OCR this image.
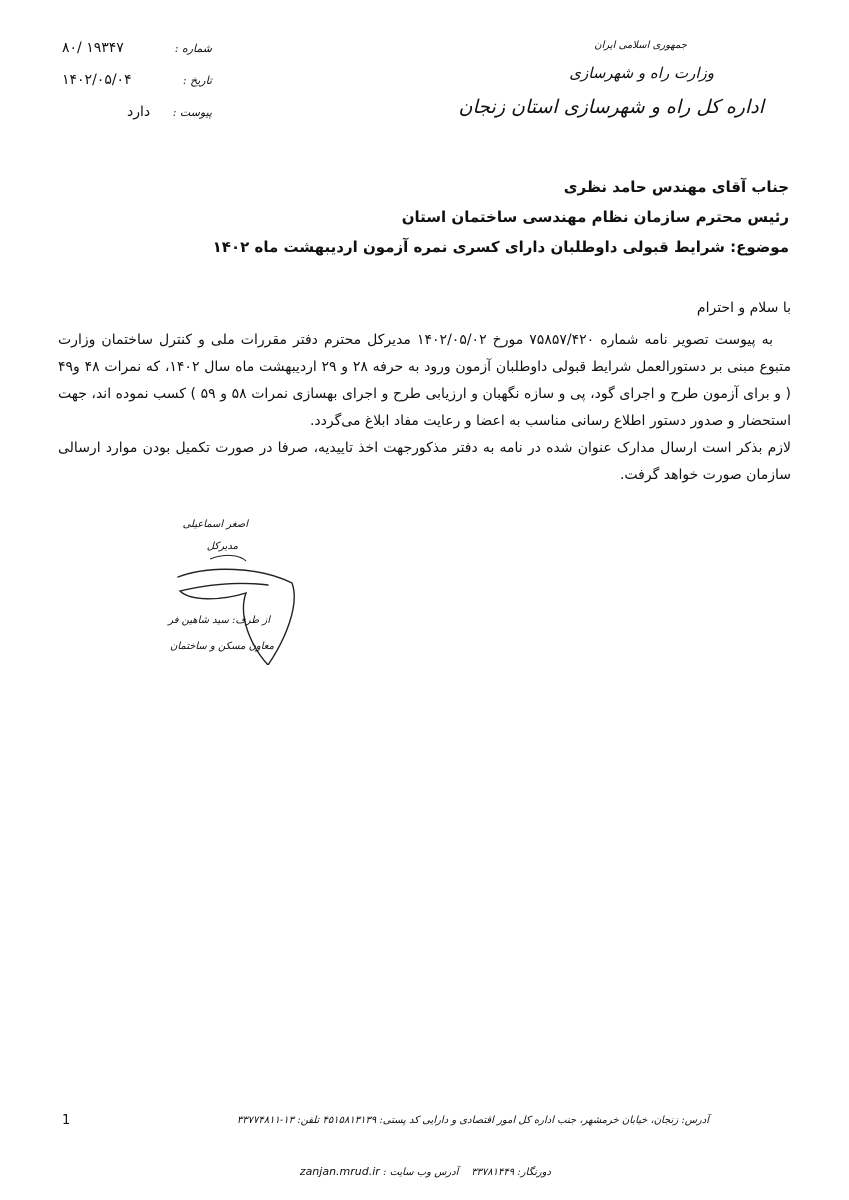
جمهوری اسلامی ایران
وزارت راه و شهرسازی
اداره کل راه و شهرسازی استان زنجان
۸۰/ ۱۹۳۴۷	شماره :
۱۴۰۲/۰۵/۰۴	تاریخ :
دارد پیوست :
جناب آقای مهندس حامد نظری
رئیس محترم سازمان نظام مهندسی ساختمان استان
موضوع: شرایط قبولی داوطلبان دارای کسری نمره آزمون اردیبهشت ماه ۱۴۰۲
با سلام و احترام

به پیوست تصویر نامه شماره ۷۵۸۵۷/۴۲۰ مورخ ۱۴۰۲/۰۵/۰۲ مدیرکل محترم دفتر مقررات ملی و کنترل ساختمان وزارت متبوع مبنی بر دستورالعمل شرایط قبولی داوطلبان آزمون ورود به حرفه ۲۸ و ۲۹ اردیبهشت ماه سال ۱۴۰۲، که نمرات ۴۸ و۴۹ ( و برای آزمون طرح و اجرای گود، پی و سازه نگهبان و ارزیابی طرح و اجرای بهسازی نمرات ۵۸ و ۵۹ ) کسب نموده اند، جهت استحضار و صدور دستور اطلاع رسانی مناسب به اعضا و رعایت مفاد ابلاغ می‌گردد.

لازم بذکر است ارسال مدارک عنوان شده در نامه به دفتر مذکورجهت اخذ تاییدیه، صرفا در صورت تکمیل بودن موارد ارسالی سازمان صورت خواهد گرفت.

اصغر اسماعیلی
مدیرکل
از طرف: سید شاهین فر
معاون مسکن و ساختمان
1	آدرس: زنجان، خیابان خرمشهر، جنب اداره کل امور اقتصادی و دارایی کد پستی: ۴۵۱۵۸۱۳۱۳۹ تلفن: ۱۳-۳۳۷۷۴۸۱۱
دورنگار: ۳۳۷۸۱۴۴۹    آدرس وب سایت : zanjan.mrud.ir
